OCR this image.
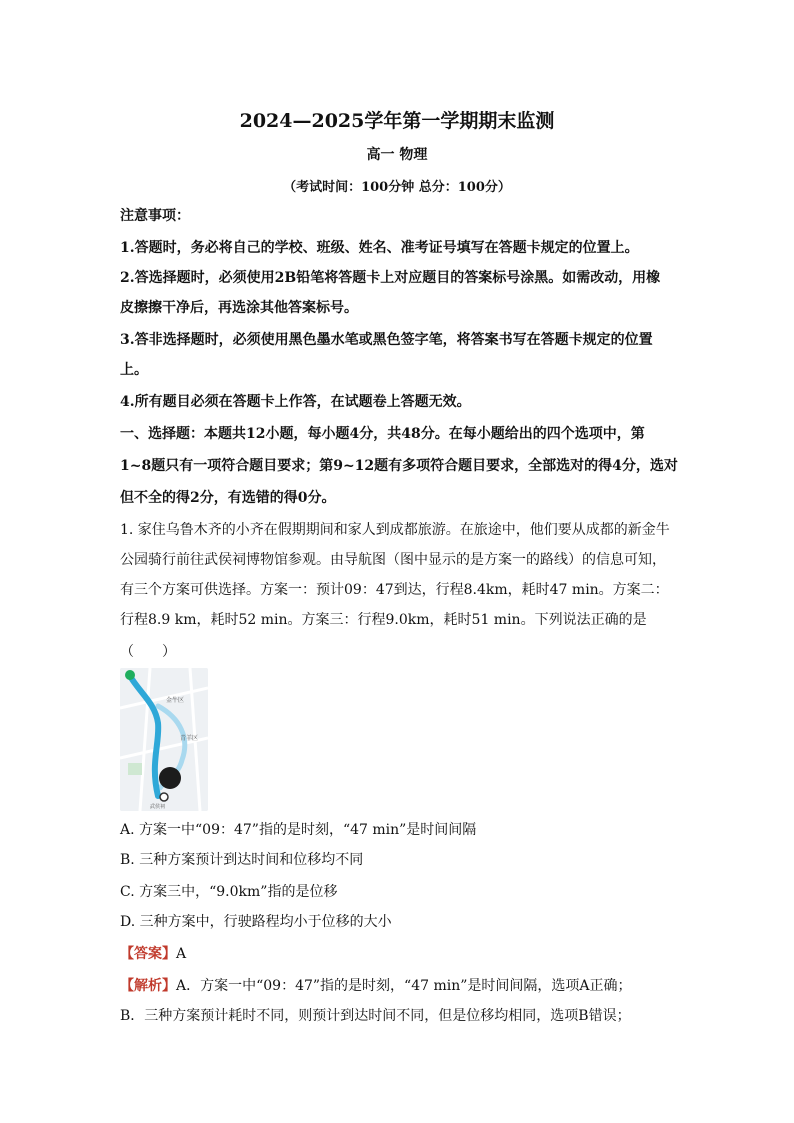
2024—2025学年第一学期期末监测
高一 物理
（考试时间：100分钟 总分：100分）
注意事项：
1.答题时，务必将自己的学校、班级、姓名、准考证号填写在答题卡规定的位置上。
2.答选择题时，必须使用2B铅笔将答题卡上对应题目的答案标号涂黑。如需改动，用橡
皮擦擦干净后，再选涂其他答案标号。
3.答非选择题时，必须使用黑色墨水笔或黑色签字笔，将答案书写在答题卡规定的位置
上。
4.所有题目必须在答题卡上作答，在试题卷上答题无效。
一、选择题：本题共12小题，每小题4分，共48分。在每小题给出的四个选项中，第
1~8题只有一项符合题目要求；第9~12题有多项符合题目要求，全部选对的得4分，选对
但不全的得2分，有选错的得0分。
1. 家住乌鲁木齐的小齐在假期期间和家人到成都旅游。在旅途中，他们要从成都的新金牛
公园骑行前往武侯祠博物馆参观。由导航图（图中显示的是方案一的路线）的信息可知，
有三个方案可供选择。方案一：预计09：47到达，行程8.4km，耗时47 min。方案二：
行程8.9 km，耗时52 min。方案三：行程9.0km，耗时51 min。下列说法正确的是
（　　）
金牛区
青羊区
武侯祠
A. 方案一中“09：47”指的是时刻，“47 min”是时间间隔
B. 三种方案预计到达时间和位移均不同
C. 方案三中，“9.0km”指的是位移
D. 三种方案中，行驶路程均小于位移的大小
【答案】A
【解析】A．方案一中“09：47”指的是时刻，“47 min”是时间间隔，选项A正确；
B．三种方案预计耗时不同，则预计到达时间不同，但是位移均相同，选项B错误；
